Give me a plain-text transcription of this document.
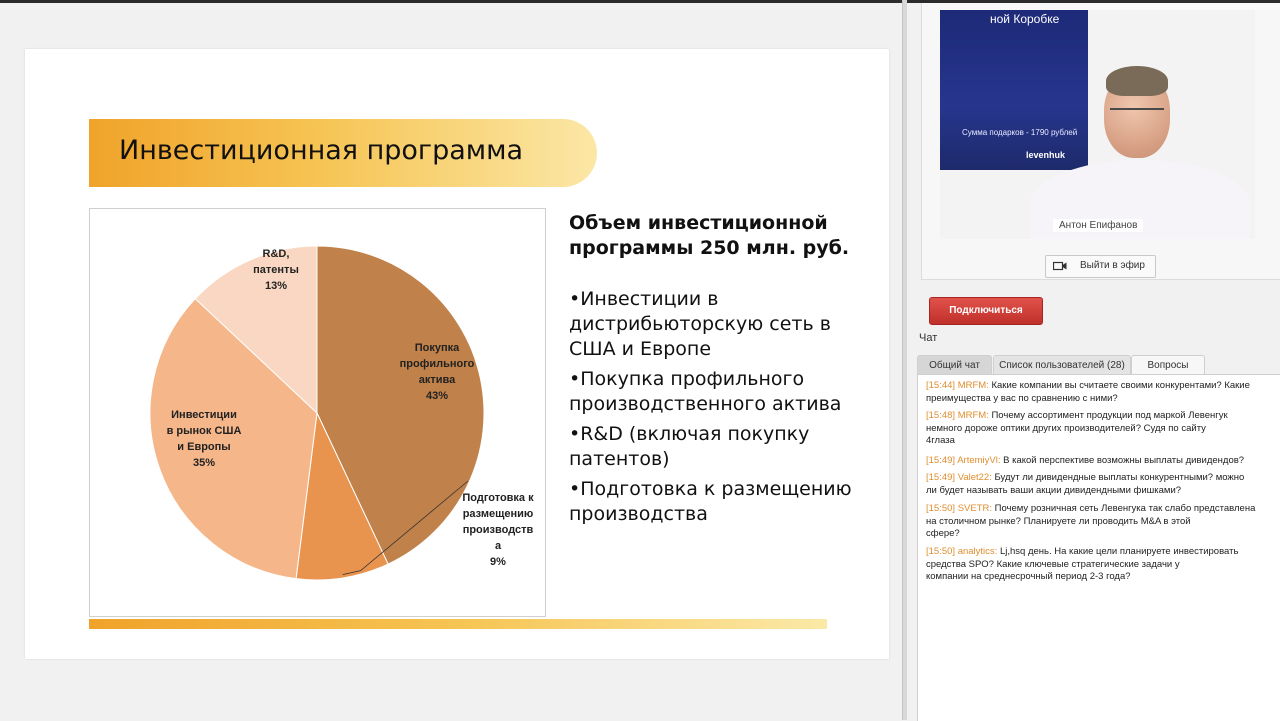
Инвестиционная программа
Покупка
профильного
актива
43%
Подготовка к
размещению
производств
а
9%
Инвестиции
в рынок США
и Европы
35%
R&D,
патенты
13%
Объем инвестиционной программы 250 млн. руб.
•Инвестиции в дистрибьюторскую сеть в США и Европе
•Покупка профильного производственного актива
•R&D (включая покупку патентов)
•Подготовка к размещению производства
ной Коробке
Сумма подарков - 1790 рублей
levenhuk
Антон Епифанов
Выйти в эфир
Подключиться
Чат
Общий чат	Список пользователей (28)	Вопросы
[15:44] MRFM: Какие компании вы считаете своими конкурентами? Какие
преимущества у вас по сравнению с ними?
[15:48] MRFM: Почему ассортимент продукции под маркой Левенгук
немного дороже оптики других производителей? Судя по сайту
4глаза
[15:49] ArtemiyVl: В какой перспективе возможны выплаты дивидендов?
[15:49] Valet22: Будут ли дивидендные выплаты конкурентными? можно
ли будет называть ваши акции дивидендными фишками?
[15:50] SVETR: Почему розничная сеть Левенгука так слабо представлена
на столичном рынке? Планируете ли проводить M&A в этой
сфере?
[15:50] analytics: Lj,hsq день. На какие цели планируете инвестировать
средства SPO? Какие ключевые стратегические задачи у
компании на среднесрочный период 2-3 года?
